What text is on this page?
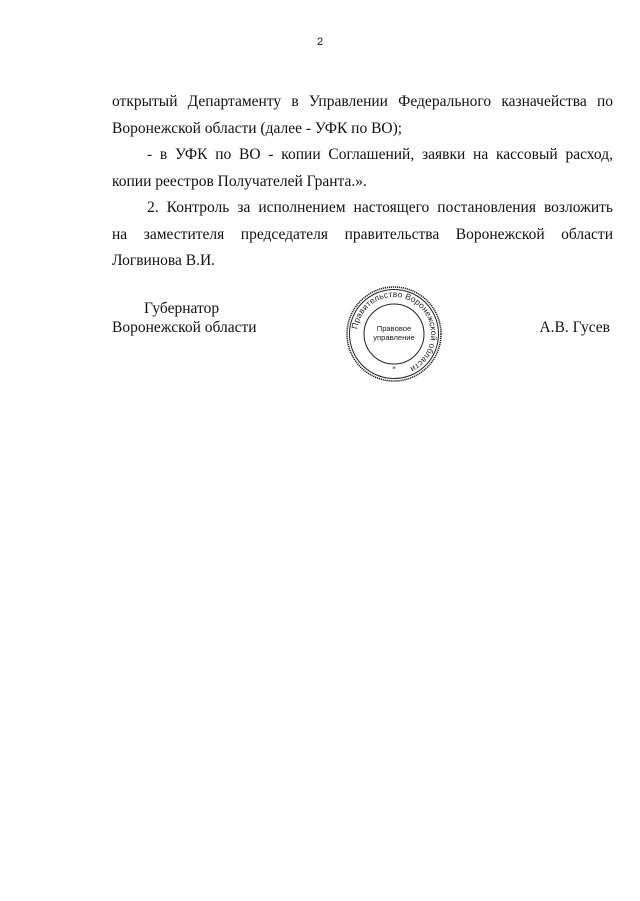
2

открытый Департаменту в Управлении Федерального казначейства по Воронежской области (далее - УФК по ВО);

- в УФК по ВО - копии Соглашений, заявки на кассовый расход, копии реестров Получателей Гранта.».

2. Контроль за исполнением настоящего постановления возложить

на заместителя председателя правительства Воронежской области

Логвинова В.И.

Губернатор
Воронежской области	Правительство Воронежской области
Правовое
управление
*
А.В. Гусев
